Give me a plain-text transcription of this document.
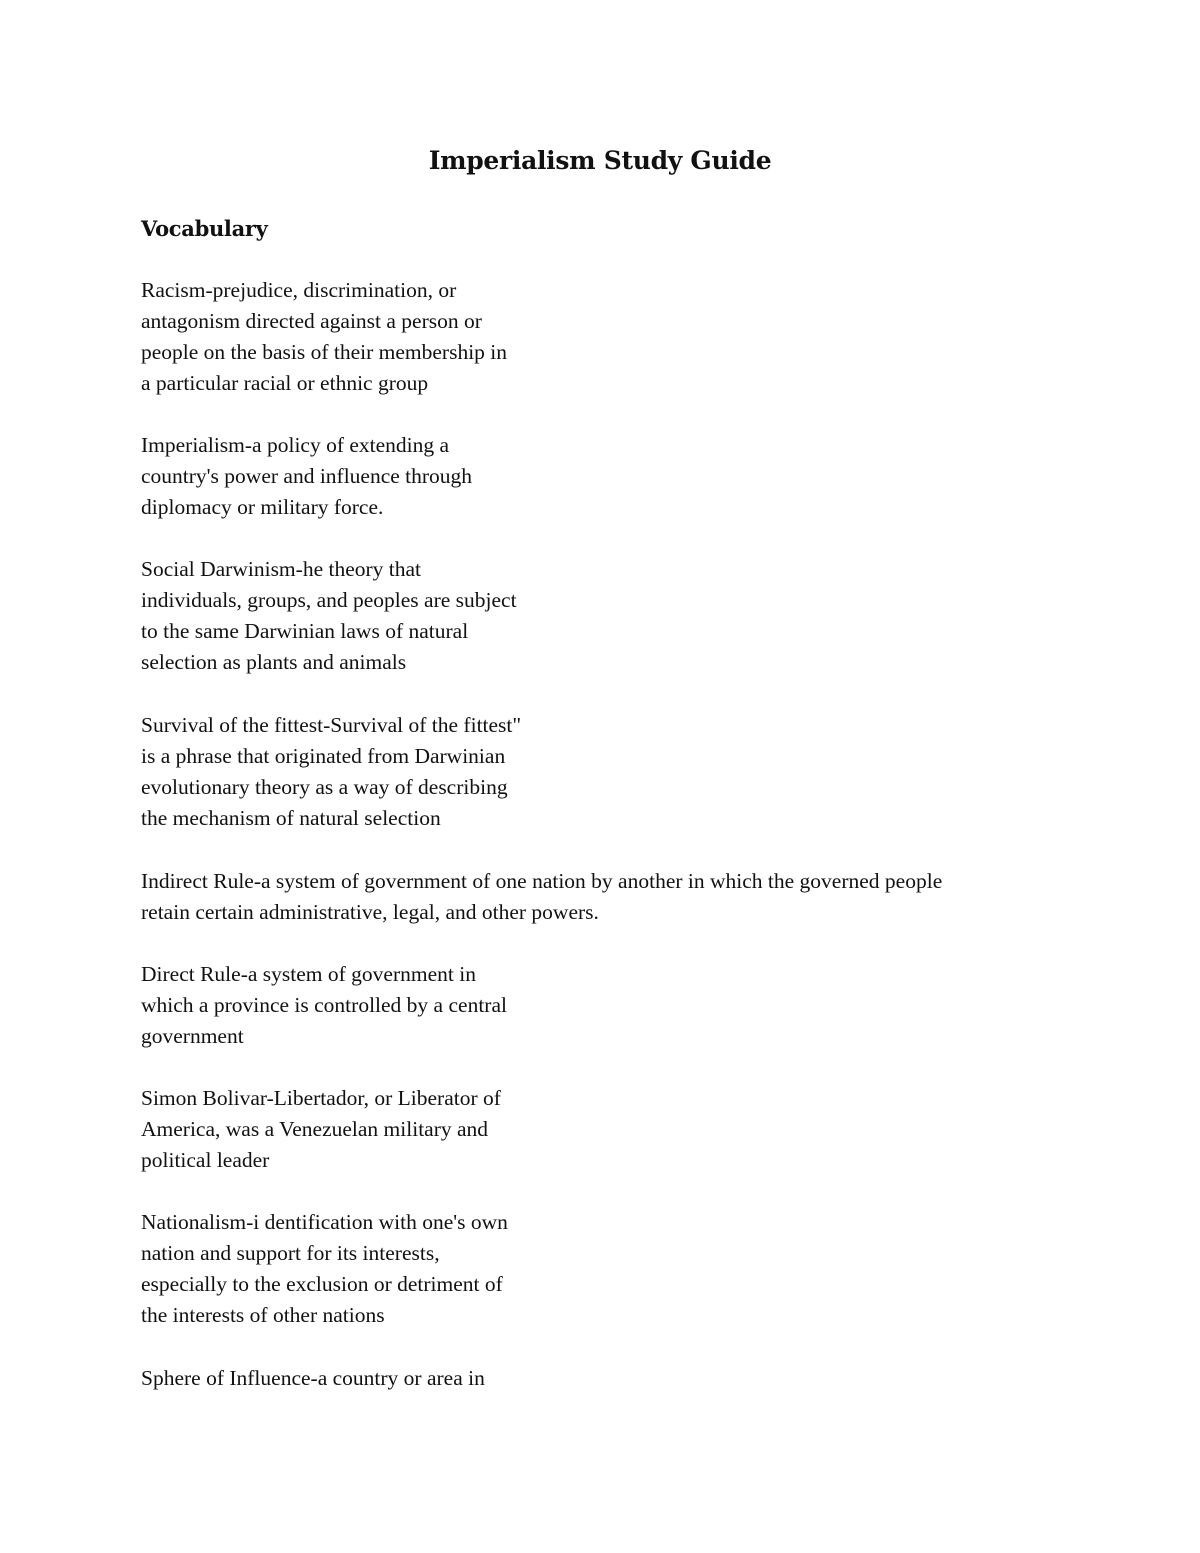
Imperialism Study Guide
Vocabulary

Racism-prejudice, discrimination, or
antagonism directed against a person or
people on the basis of their membership in
a particular racial or ethnic group

Imperialism-a policy of extending a
country's power and influence through
diplomacy or military force.

Social Darwinism-he theory that
individuals, groups, and peoples are subject
to the same Darwinian laws of natural
selection as plants and animals

Survival of the fittest-Survival of the fittest"
is a phrase that originated from Darwinian
evolutionary theory as a way of describing
the mechanism of natural selection

Indirect Rule-a system of government of one nation by another in which the governed people
retain certain administrative, legal, and other powers.

Direct Rule-a system of government in
which a province is controlled by a central
government

Simon Bolivar-Libertador, or Liberator of
America, was a Venezuelan military and
political leader

Nationalism-i dentification with one's own
nation and support for its interests,
especially to the exclusion or detriment of
the interests of other nations

Sphere of Influence-a country or area in
